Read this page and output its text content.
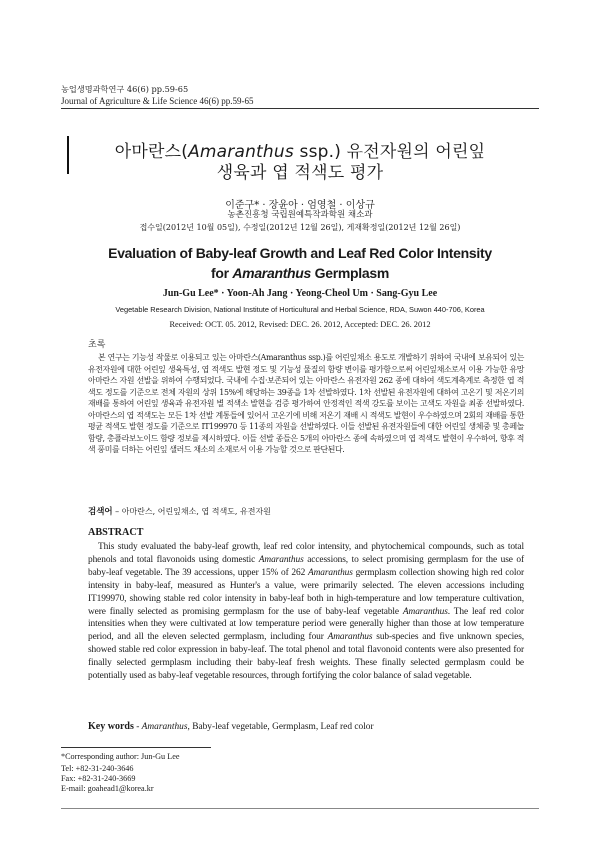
농업생명과학연구 46(6) pp.59-65
Journal of Agriculture & Life Science 46(6) pp.59-65
아마란스(Amaranthus ssp.) 유전자원의 어린잎
생육과 엽 적색도 평가
이준구* · 장윤아 · 엄영철 · 이상규
농촌진흥청 국립원예특작과학원 채소과
접수일(2012년 10월 05일), 수정일(2012년 12월 26일), 게재확정일(2012년 12월 26일)
Evaluation of Baby-leaf Growth and Leaf Red Color Intensity
for Amaranthus Germplasm
Jun-Gu Lee* · Yoon-Ah Jang · Yeong-Cheol Um · Sang-Gyu Lee
Vegetable Research Division, National Institute of Horticultural and Herbal Science, RDA, Suwon 440-706, Korea
Received: OCT. 05. 2012, Revised: DEC. 26. 2012, Accepted: DEC. 26. 2012
초록

본 연구는 기능성 작물로 이용되고 있는 아마란스(Amaranthus ssp.)를 어린잎채소 용도로 개발하기 위하여 국내에 보유되어 있는 유전자원에 대한 어린잎 생육특성, 엽 적색도 발현 정도 및 기능성 물질의 함량 변이를 평가함으로써 어린잎채소로서 이용 가능한 유망 아마란스 자원 선발을 위하여 수행되었다. 국내에 수집·보존되어 있는 아마란스 유전자원 262 종에 대하여 색도계측계로 측정한 엽 적색도 정도를 기준으로 전체 자원의 상위 15%에 해당하는 39종을 1차 선발하였다. 1차 선발된 유전자원에 대하여 고온기 및 저온기의 재배를 통하여 어린잎 생육과 유전자원 별 적색소 발현을 검증 평가하여 안정적인 적색 강도를 보이는 고색도 자원을 최종 선발하였다. 아마란스의 엽 적색도는 모든 1차 선발 계통들에 있어서 고온기에 비해 저온기 재배 시 적색도 발현이 우수하였으며 2회의 재배를 통한 평균 적색도 발현 정도를 기준으로 IT199970 등 11종의 자원을 선발하였다. 이들 선발된 유전자원들에 대한 어린잎 생체중 및 총페놀 함량, 총플라보노이드 함량 정보를 제시하였다. 이들 선발 종들은 5개의 아마란스 종에 속하였으며 엽 적색도 발현이 우수하여, 향후 적색 풍미를 더하는 어린잎 샐러드 채소의 소재로서 이용 가능할 것으로 판단된다.

검색어 – 아마란스, 어린잎채소, 엽 적색도, 유전자원
ABSTRACT

This study evaluated the baby-leaf growth, leaf red color intensity, and phytochemical compounds, such as total phenols and total flavonoids using domestic Amaranthus accessions, to select promising germplasm for the use of baby-leaf vegetable. The 39 accessions, upper 15% of 262 Amaranthus germplasm collection showing high red color intensity in baby-leaf, measured as Hunter's a value, were primarily selected. The eleven accessions including IT199970, showing stable red color intensity in baby-leaf both in high-temperature and low temperature cultivation, were finally selected as promising germplasm for the use of baby-leaf vegetable Amaranthus. The leaf red color intensities when they were cultivated at low temperature period were generally higher than those at low temperature period, and all the eleven selected germplasm, including four Amaranthus sub-species and five unknown species, showed stable red color expression in baby-leaf. The total phenol and total flavonoid contents were also presented for finally selected germplasm including their baby-leaf fresh weights. These finally selected germplasm could be potentially used as baby-leaf vegetable resources, through fortifying the color balance of salad vegetable.

Key words - Amaranthus, Baby-leaf vegetable, Germplasm, Leaf red color
*Corresponding author: Jun-Gu Lee
Tel: +82-31-240-3646
Fax: +82-31-240-3669
E-mail: goahead1@korea.kr
